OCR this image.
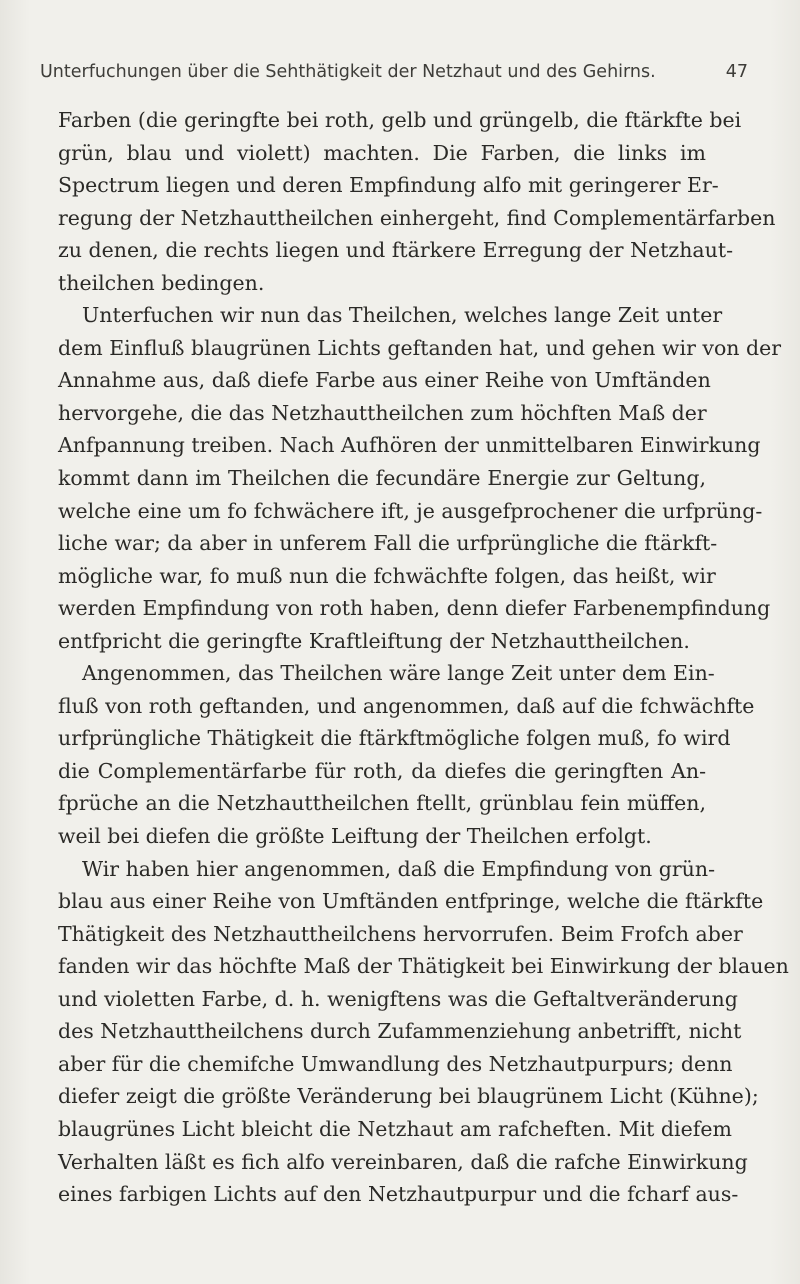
Unterfuchungen über die Sehthätigkeit der Netzhaut und des Gehirns.	47
Farben (die geringfte bei roth, gelb und grüngelb, die ftärkfte bei
grün, blau und violett) machten. Die Farben, die links im
Spectrum liegen und deren Empfindung alfo mit geringerer Er-
regung der Netzhauttheilchen einhergeht, find Complementärfarben
zu denen, die rechts liegen und ftärkere Erregung der Netzhaut-
theilchen bedingen.
Unterfuchen wir nun das Theilchen, welches lange Zeit unter
dem Einfluß blaugrünen Lichts geftanden hat, und gehen wir von der
Annahme aus, daß diefe Farbe aus einer Reihe von Umftänden
hervorgehe, die das Netzhauttheilchen zum höchften Maß der
Anfpannung treiben. Nach Aufhören der unmittelbaren Einwirkung
kommt dann im Theilchen die fecundäre Energie zur Geltung,
welche eine um fo fchwächere ift, je ausgefprochener die urfprüng-
liche war; da aber in unferem Fall die urfprüngliche die ftärkft-
mögliche war, fo muß nun die fchwächfte folgen, das heißt, wir
werden Empfindung von roth haben, denn diefer Farbenempfindung
entfpricht die geringfte Kraftleiftung der Netzhauttheilchen.
Angenommen, das Theilchen wäre lange Zeit unter dem Ein-
fluß von roth geftanden, und angenommen, daß auf die fchwächfte
urfprüngliche Thätigkeit die ftärkftmögliche folgen muß, fo wird
die Complementärfarbe für roth, da diefes die geringften An-
fprüche an die Netzhauttheilchen ftellt, grünblau fein müffen,
weil bei diefen die größte Leiftung der Theilchen erfolgt.
Wir haben hier angenommen, daß die Empfindung von grün-
blau aus einer Reihe von Umftänden entfpringe, welche die ftärkfte
Thätigkeit des Netzhauttheilchens hervorrufen. Beim Frofch aber
fanden wir das höchfte Maß der Thätigkeit bei Einwirkung der blauen
und violetten Farbe, d. h. wenigftens was die Geftaltveränderung
des Netzhauttheilchens durch Zufammenziehung anbetrifft, nicht
aber für die chemifche Umwandlung des Netzhautpurpurs; denn
diefer zeigt die größte Veränderung bei blaugrünem Licht (Kühne);
blaugrünes Licht bleicht die Netzhaut am rafcheften. Mit diefem
Verhalten läßt es fich alfo vereinbaren, daß die rafche Einwirkung
eines farbigen Lichts auf den Netzhautpurpur und die fcharf aus-
